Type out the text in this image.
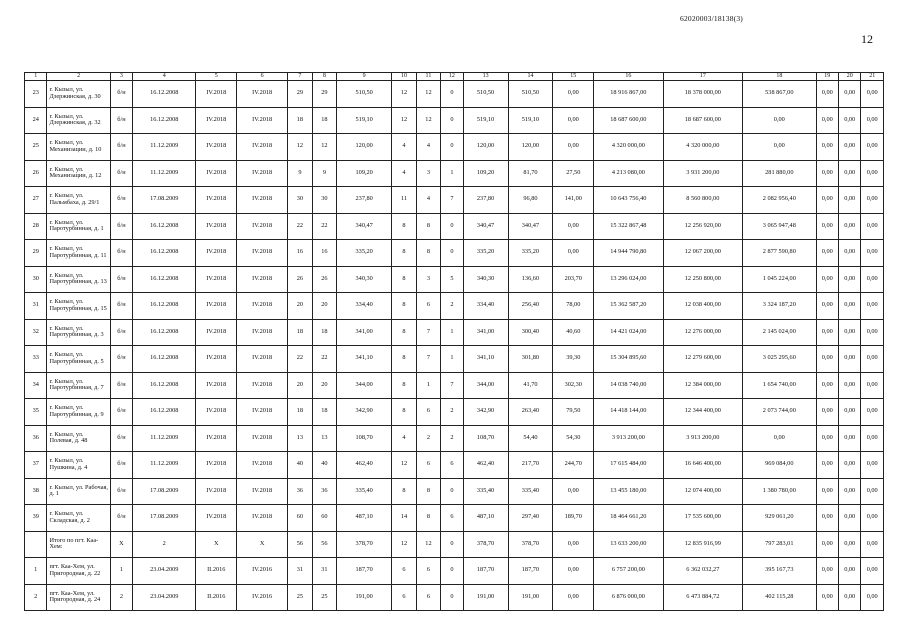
62020003/18138(3)
12
1	2	3	4	5	6	7	8	9	10	11	12	13	14	15	16	17	18	19	20	21
23	г. Кызыл, ул. Дзержинская, д. 30	б/н	16.12.2008	IV.2018	IV.2018	29	29	510,50	12	12	0	510,50	510,50	0,00	18 916 867,00	18 378 000,00	538 867,00	0,00	0,00	0,00
24	г. Кызыл, ул. Дзержинская, д. 32	б/н	16.12.2008	IV.2018	IV.2018	18	18	519,10	12	12	0	519,10	519,10	0,00	18 687 600,00	18 687 600,00	0,00	0,00	0,00	0,00
25	г. Кызыл, ул. Механизации, д. 10	б/н	11.12.2009	IV.2018	IV.2018	12	12	120,00	4	4	0	120,00	120,00	0,00	4 320 000,00	4 320 000,00	0,00	0,00	0,00	0,00
26	г. Кызыл, ул. Механизации, д. 12	б/н	11.12.2009	IV.2018	IV.2018	9	9	109,20	4	3	1	109,20	81,70	27,50	4 213 080,00	3 931 200,00	281 880,00	0,00	0,00	0,00
27	г. Кызыл, ул. Пальмбаха, д. 29/1	б/н	17.08.2009	IV.2018	IV.2018	30	30	237,80	11	4	7	237,80	96,80	141,00	10 643 756,40	8 560 800,00	2 082 956,40	0,00	0,00	0,00
28	г. Кызыл, ул. Паротурбинная, д. 1	б/н	16.12.2008	IV.2018	IV.2018	22	22	340,47	8	8	0	340,47	340,47	0,00	15 322 867,48	12 256 920,00	3 065 947,48	0,00	0,00	0,00
29	г. Кызыл, ул. Паротурбинная, д. 11	б/н	16.12.2008	IV.2018	IV.2018	16	16	335,20	8	8	0	335,20	335,20	0,00	14 944 790,80	12 067 200,00	2 877 590,80	0,00	0,00	0,00
30	г. Кызыл, ул. Паротурбинная, д. 13	б/н	16.12.2008	IV.2018	IV.2018	26	26	340,30	8	3	5	340,30	136,60	203,70	13 296 024,00	12 250 800,00	1 045 224,00	0,00	0,00	0,00
31	г. Кызыл, ул. Паротурбинная, д. 15	б/н	16.12.2008	IV.2018	IV.2018	20	20	334,40	8	6	2	334,40	256,40	78,00	15 362 587,20	12 038 400,00	3 324 187,20	0,00	0,00	0,00
32	г. Кызыл, ул. Паротурбинная, д. 3	б/н	16.12.2008	IV.2018	IV.2018	18	18	341,00	8	7	1	341,00	300,40	40,60	14 421 024,00	12 276 000,00	2 145 024,00	0,00	0,00	0,00
33	г. Кызыл, ул. Паротурбинная, д. 5	б/н	16.12.2008	IV.2018	IV.2018	22	22	341,10	8	7	1	341,10	301,80	39,30	15 304 895,60	12 279 600,00	3 025 295,60	0,00	0,00	0,00
34	г. Кызыл, ул. Паротурбинная, д. 7	б/н	16.12.2008	IV.2018	IV.2018	20	20	344,00	8	1	7	344,00	41,70	302,30	14 038 740,00	12 384 000,00	1 654 740,00	0,00	0,00	0,00
35	г. Кызыл, ул. Паротурбинная, д. 9	б/н	16.12.2008	IV.2018	IV.2018	18	18	342,90	8	6	2	342,90	263,40	79,50	14 418 144,00	12 344 400,00	2 073 744,00	0,00	0,00	0,00
36	г. Кызыл, ул. Полевая, д. 48	б/н	11.12.2009	IV.2018	IV.2018	13	13	108,70	4	2	2	108,70	54,40	54,30	3 913 200,00	3 913 200,00	0,00	0,00	0,00	0,00
37	г. Кызыл, ул. Пушкина, д. 4	б/н	11.12.2009	IV.2018	IV.2018	40	40	462,40	12	6	6	462,40	217,70	244,70	17 615 484,00	16 646 400,00	969 084,00	0,00	0,00	0,00
38	г. Кызыл, ул. Рабочая, д. 1	б/н	17.08.2009	IV.2018	IV.2018	36	36	335,40	8	8	0	335,40	335,40	0,00	13 455 180,00	12 074 400,00	1 380 780,00	0,00	0,00	0,00
39	г. Кызыл, ул. Складская, д. 2	б/н	17.08.2009	IV.2018	IV.2018	60	60	487,10	14	8	6	487,10	297,40	189,70	18 464 661,20	17 535 600,00	929 061,20	0,00	0,00	0,00
	Итого по пгт. Каа-Хем:	X	2	X	X	56	56	378,70	12	12	0	378,70	378,70	0,00	13 633 200,00	12 835 916,99	797 283,01	0,00	0,00	0,00
1	пгт. Каа-Хем, ул. Пригородная, д. 22	1	23.04.2009	II.2016	IV.2016	31	31	187,70	6	6	0	187,70	187,70	0,00	6 757 200,00	6 362 032,27	395 167,73	0,00	0,00	0,00
2	пгт. Каа-Хем, ул. Пригородная, д. 24	2	23.04.2009	II.2016	IV.2016	25	25	191,00	6	6	0	191,00	191,00	0,00	6 876 000,00	6 473 884,72	402 115,28	0,00	0,00	0,00
